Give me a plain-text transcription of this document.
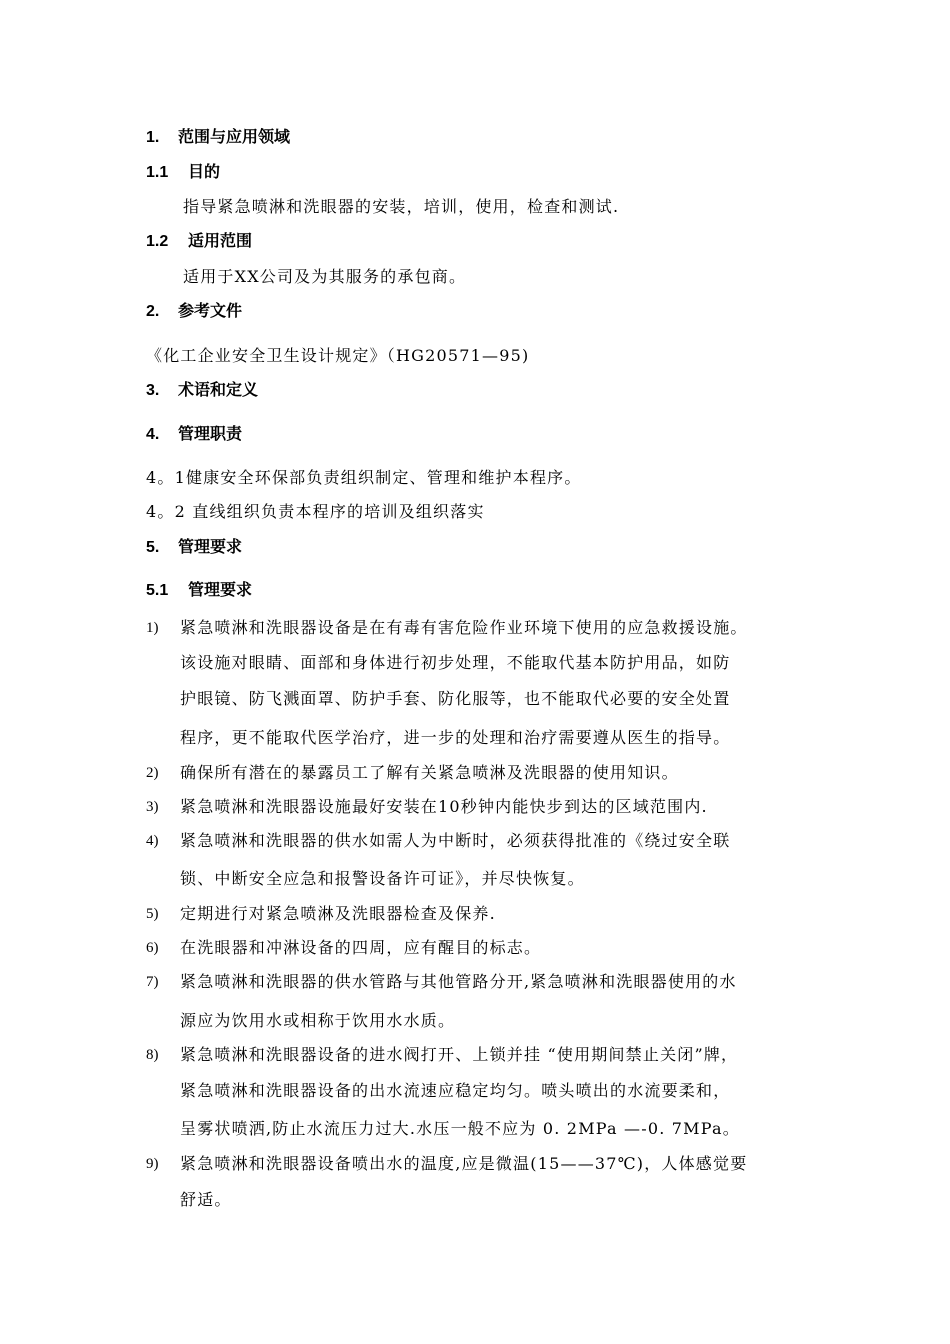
1. 范围与应用领域
1.1 目的
指导紧急喷淋和洗眼器的安装，培训，使用，检查和测试.
1.2 适用范围
适用于XX公司及为其服务的承包商。
2. 参考文件
《化工企业安全卫生设计规定》（HG20571—95)
3. 术语和定义
4. 管理职责
4。1健康安全环保部负责组织制定、管理和维护本程序。
4。2 直线组织负责本程序的培训及组织落实
5. 管理要求
5.1 管理要求
1) 紧急喷淋和洗眼器设备是在有毒有害危险作业环境下使用的应急救援设施。
该设施对眼睛、面部和身体进行初步处理，不能取代基本防护用品，如防
护眼镜、防飞溅面罩、防护手套、防化服等，也不能取代必要的安全处置
程序，更不能取代医学治疗，进一步的处理和治疗需要遵从医生的指导。
2) 确保所有潜在的暴露员工了解有关紧急喷淋及洗眼器的使用知识。
3) 紧急喷淋和洗眼器设施最好安装在10秒钟内能快步到达的区域范围内.
4) 紧急喷淋和洗眼器的供水如需人为中断时，必须获得批准的《绕过安全联
锁、中断安全应急和报警设备许可证》，并尽快恢复。
5) 定期进行对紧急喷淋及洗眼器检查及保养.
6) 在洗眼器和冲淋设备的四周，应有醒目的标志。
7) 紧急喷淋和洗眼器的供水管路与其他管路分开,紧急喷淋和洗眼器使用的水
源应为饮用水或相称于饮用水水质。
8) 紧急喷淋和洗眼器设备的进水阀打开、上锁并挂 “使用期间禁止关闭”牌，
紧急喷淋和洗眼器设备的出水流速应稳定均匀。喷头喷出的水流要柔和，
呈雾状喷洒,防止水流压力过大.水压一般不应为 0. 2MPa —-0. 7MPa。
9) 紧急喷淋和洗眼器设备喷出水的温度,应是微温(15——37℃)，人体感觉要
舒适。
